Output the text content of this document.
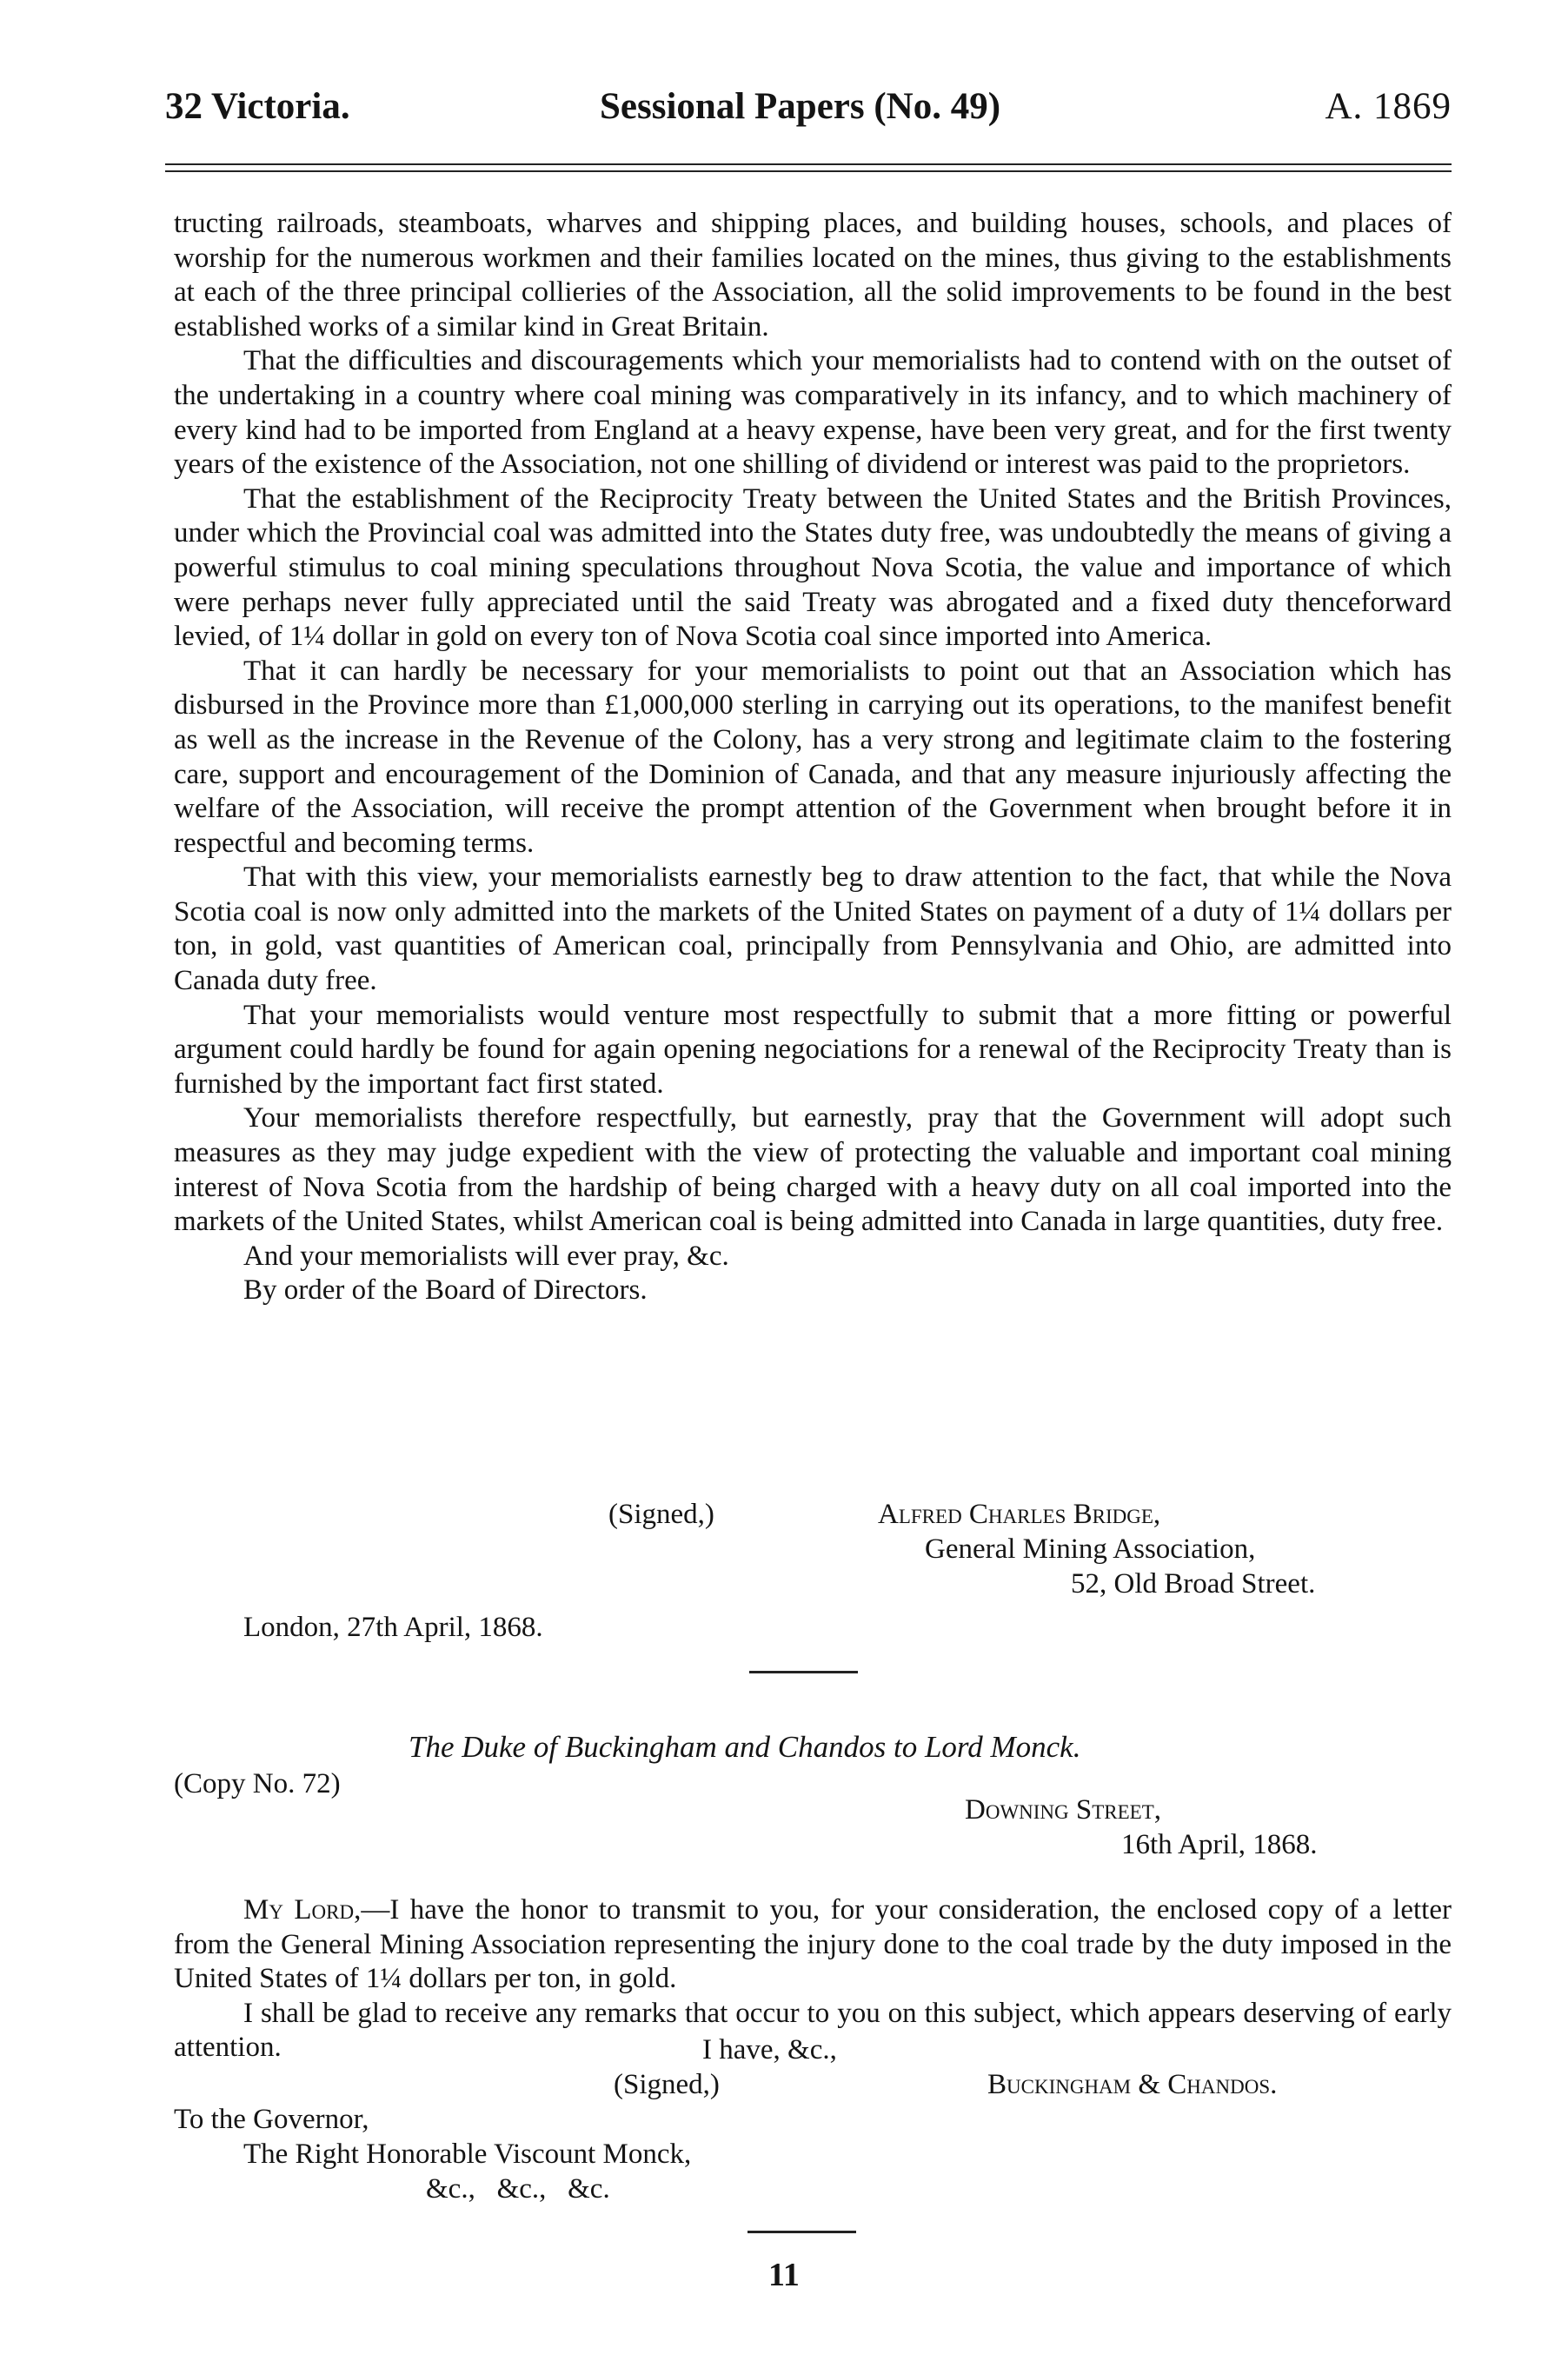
32 Victoria.	Sessional Papers (No. 49)	A. 1869

tructing railroads, steamboats, wharves and shipping places, and building houses, schools, and places of worship for the numerous workmen and their families located on the mines, thus giving to the establishments at each of the three principal collieries of the Association, all the solid improvements to be found in the best established works of a similar kind in Great Britain.

That the difficulties and discouragements which your memorialists had to contend with on the outset of the undertaking in a country where coal mining was comparatively in its infancy, and to which machinery of every kind had to be imported from England at a heavy expense, have been very great, and for the first twenty years of the existence of the Association, not one shilling of dividend or interest was paid to the proprietors.

That the establishment of the Reciprocity Treaty between the United States and the British Provinces, under which the Provincial coal was admitted into the States duty free, was undoubtedly the means of giving a powerful stimulus to coal mining speculations throughout Nova Scotia, the value and importance of which were perhaps never fully appreciated until the said Treaty was abrogated and a fixed duty thenceforward levied, of 1¼ dollar in gold on every ton of Nova Scotia coal since imported into America.

That it can hardly be necessary for your memorialists to point out that an Association which has disbursed in the Province more than £1,000,000 sterling in carrying out its operations, to the manifest benefit as well as the increase in the Revenue of the Colony, has a very strong and legitimate claim to the fostering care, support and encouragement of the Dominion of Canada, and that any measure injuriously affecting the welfare of the Association, will receive the prompt attention of the Government when brought before it in respectful and becoming terms.

That with this view, your memorialists earnestly beg to draw attention to the fact, that while the Nova Scotia coal is now only admitted into the markets of the United States on payment of a duty of 1¼ dollars per ton, in gold, vast quantities of American coal, principally from Pennsylvania and Ohio, are admitted into Canada duty free.

That your memorialists would venture most respectfully to submit that a more fitting or powerful argument could hardly be found for again opening negociations for a renewal of the Reciprocity Treaty than is furnished by the important fact first stated.

Your memorialists therefore respectfully, but earnestly, pray that the Government will adopt such measures as they may judge expedient with the view of protecting the valuable and important coal mining interest of Nova Scotia from the hardship of being charged with a heavy duty on all coal imported into the markets of the United States, whilst American coal is being admitted into Canada in large quantities, duty free.

And your memorialists will ever pray, &c.

By order of the Board of Directors.

(Signed,)	Alfred Charles Bridge,
General Mining Association,
52, Old Broad Street.
London, 27th April, 1868.
The Duke of Buckingham and Chandos to Lord Monck.
(Copy No. 72)
Downing Street,
16th April, 1868.

My Lord,—I have the honor to transmit to you, for your consideration, the enclosed copy of a letter from the General Mining Association representing the injury done to the coal trade by the duty imposed in the United States of 1¼ dollars per ton, in gold.

I shall be glad to receive any remarks that occur to you on this subject, which appears deserving of early attention.	I have, &c.,
(Signed,)	Buckingham & Chandos.
To the Governor,
The Right Honorable Viscount Monck,
&c.,   &c.,   &c.
11
